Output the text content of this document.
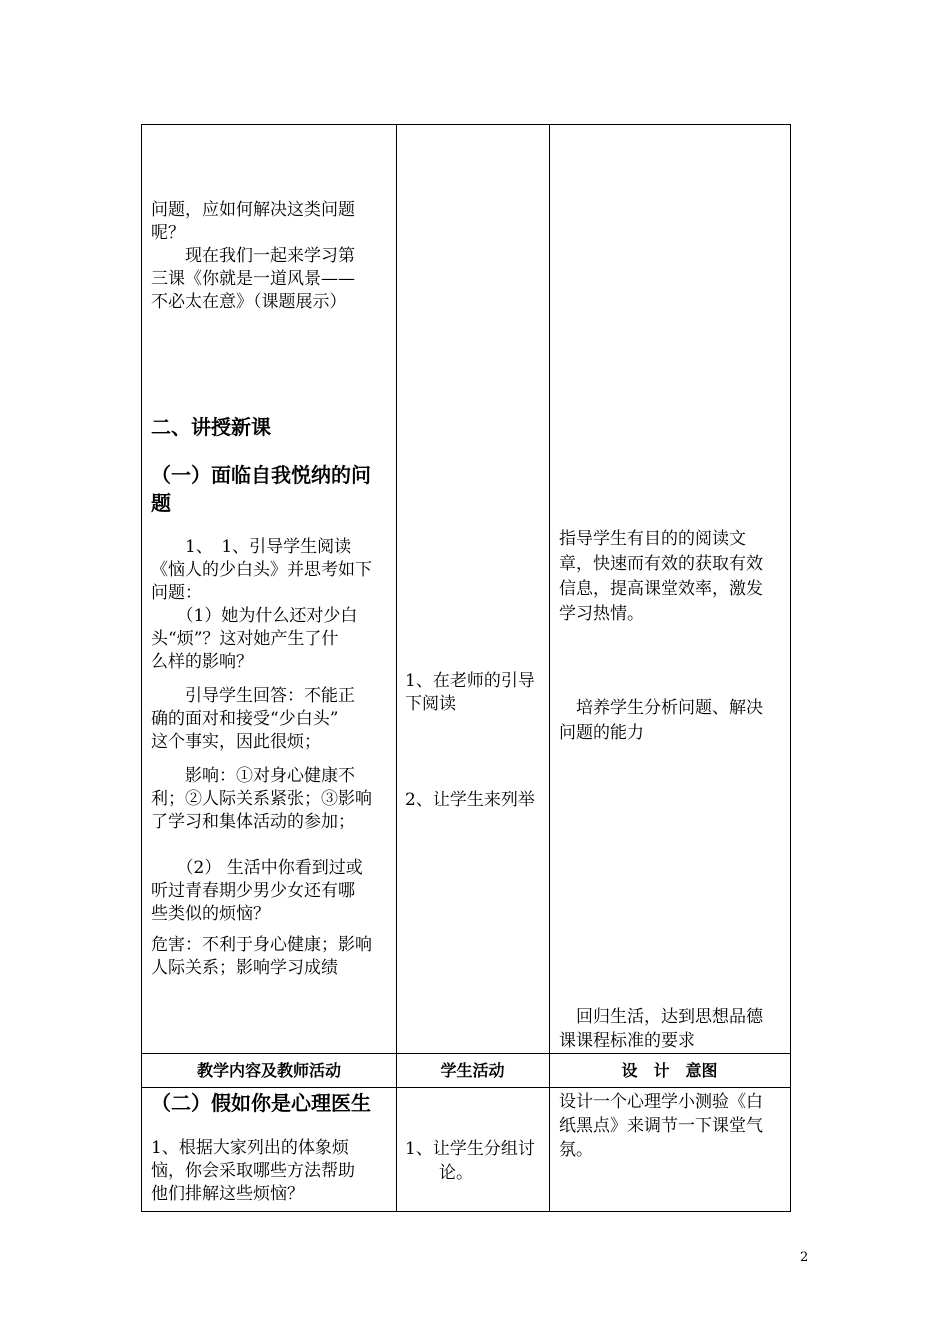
问题，应如何解决这类问题
呢？
　　现在我们一起来学习第
三课《你就是一道风景——
不必太在意》（课题展示）
二、讲授新课
（一）面临自我悦纳的问
题
　　1、　1、引导学生阅读
《恼人的少白头》并思考如下
问题：
　　（1）她为什么还对少白
头“烦”？这对她产生了什
么样的影响？
　　引导学生回答：不能正
确的面对和接受“少白头”
这个事实，因此很烦；
　　影响：①对身心健康不
利；②人际关系紧张；③影响
了学习和集体活动的参加；
　　（2） 生活中你看到过或
听过青春期少男少女还有哪
些类似的烦恼？
危害：不利于身心健康；影响
人际关系；影响学习成绩
1、在老师的引导
下阅读
2、让学生来列举
指导学生有目的的阅读文
章，快速而有效的获取有效
信息，提高课堂效率，激发
学习热情。
　培养学生分析问题、解决
问题的能力
　回归生活，达到思想品德
课课程标准的要求
教学内容及教师活动	学生活动	设　计　意图
（二）假如你是心理医生
1、根据大家列出的体象烦
恼，你会采取哪些方法帮助
他们排解这些烦恼？
1、让学生分组讨
　　论。
设计一个心理学小测验《白
纸黑点》来调节一下课堂气
氛。
2
